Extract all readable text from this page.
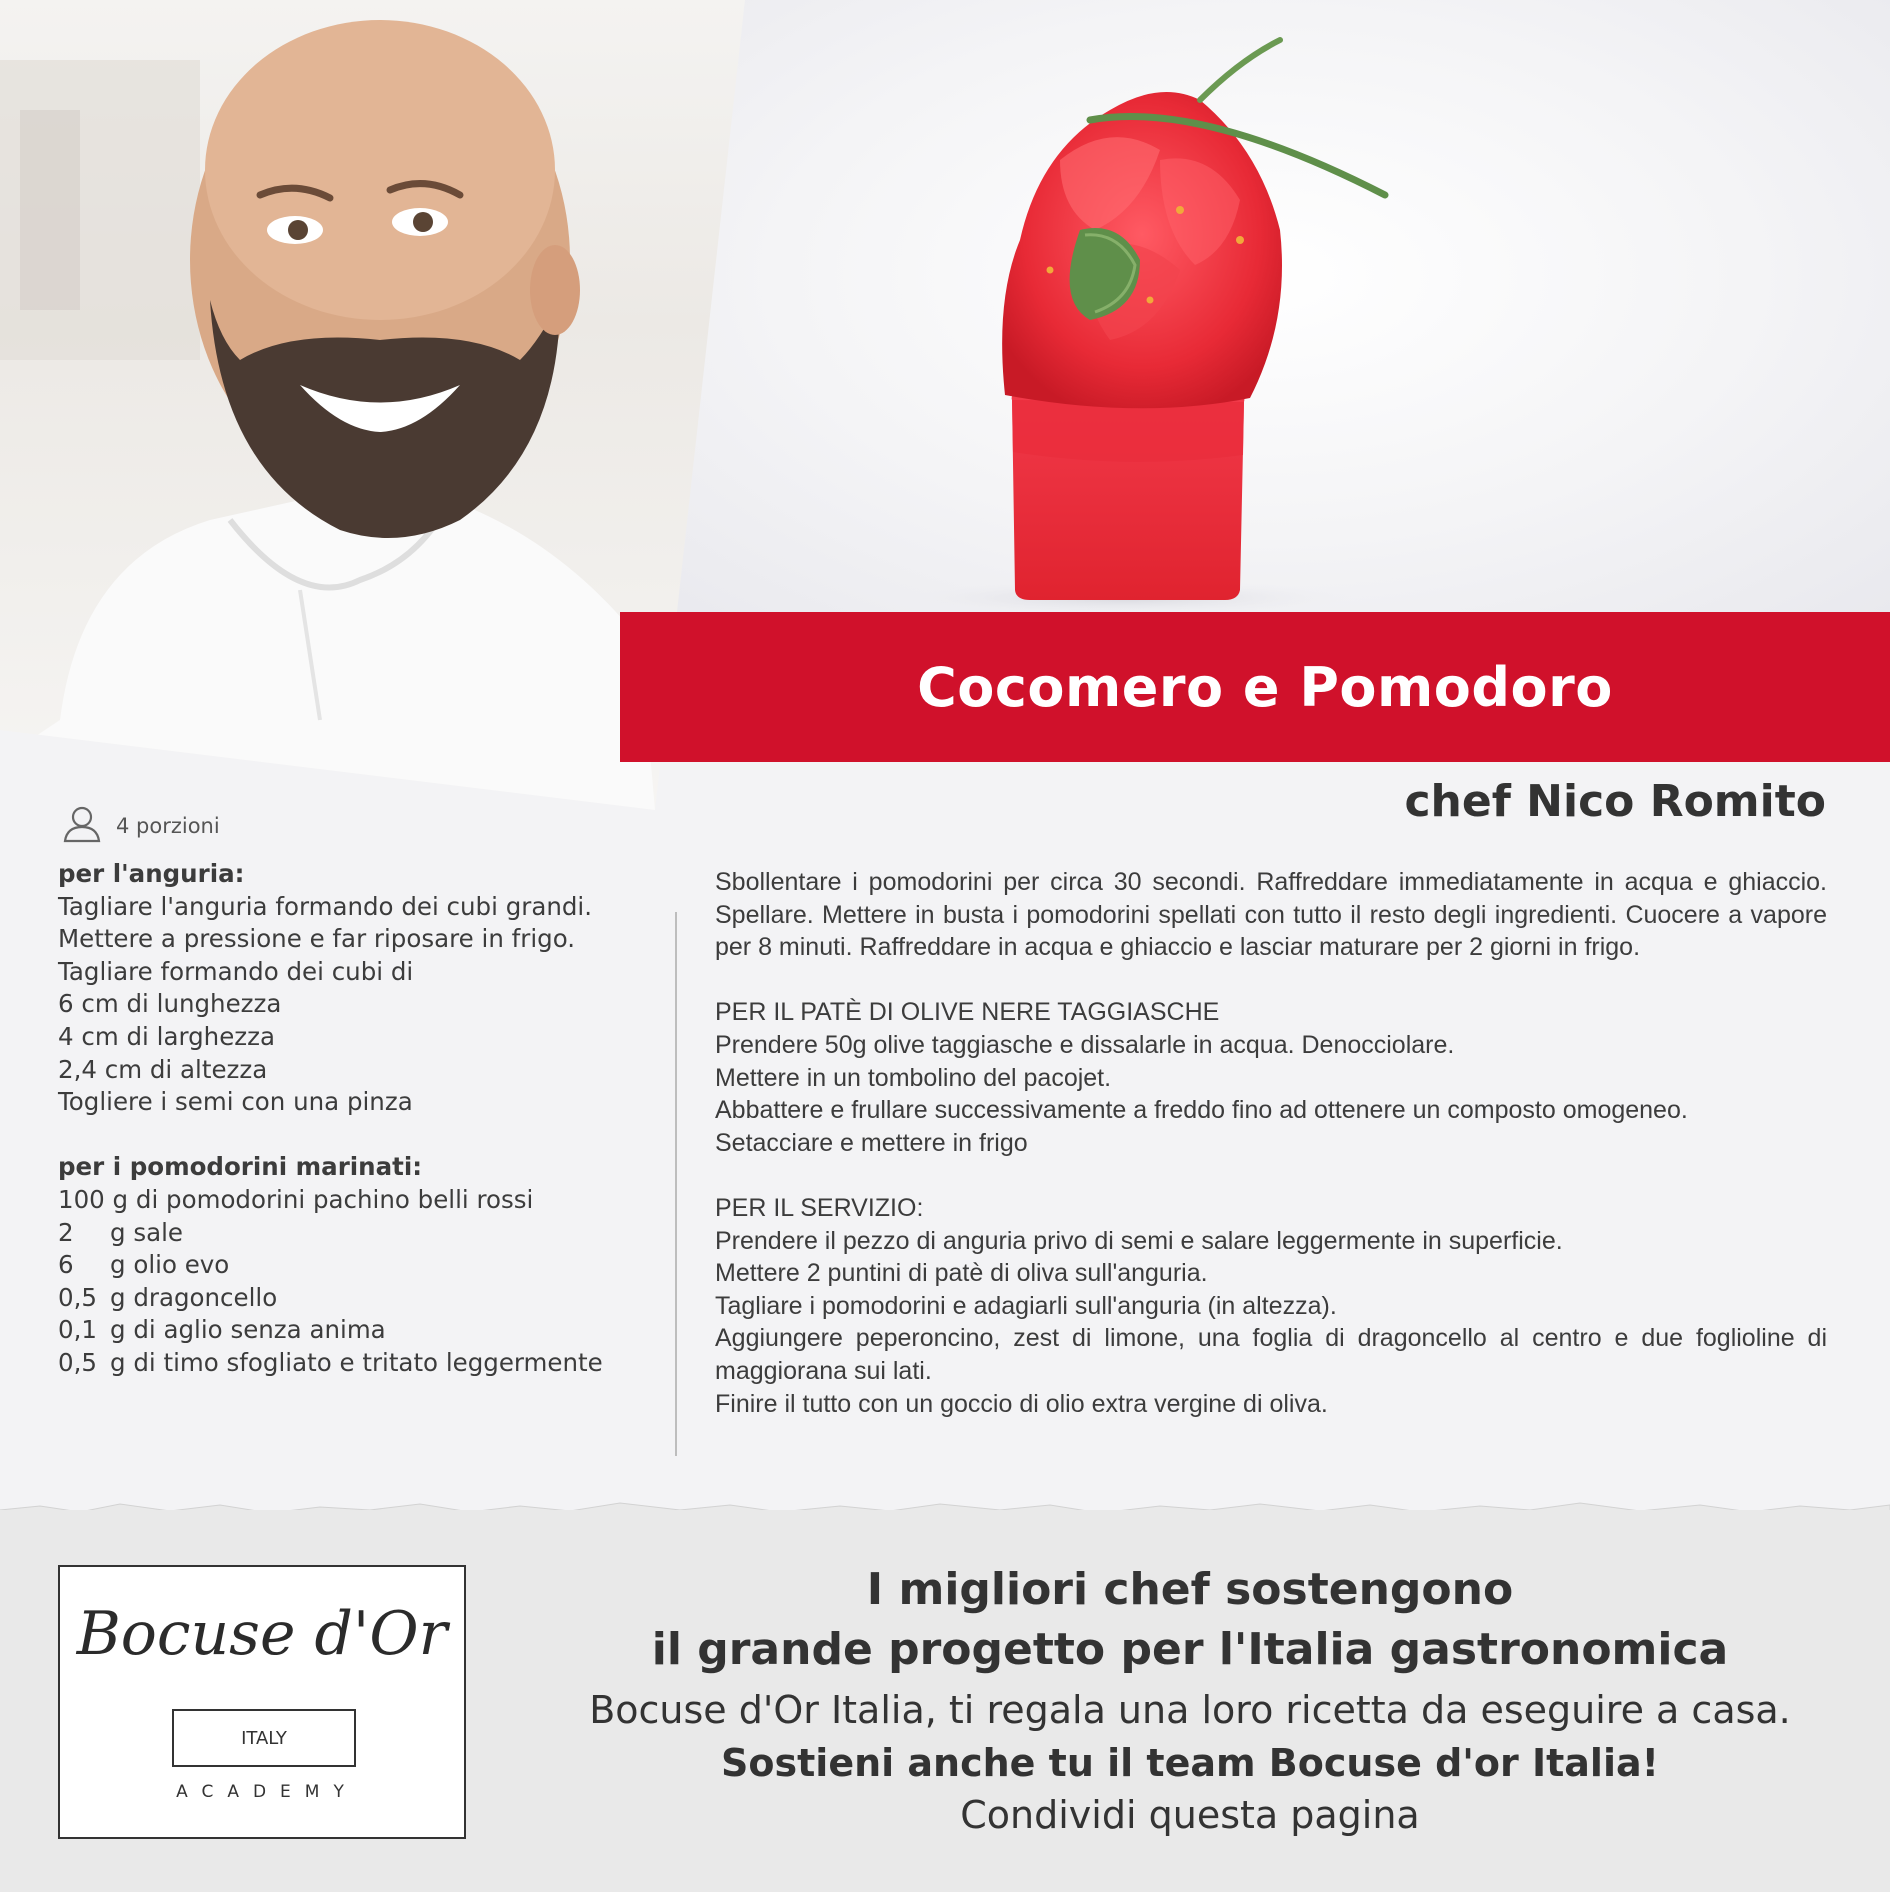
Cocomero e Pomodoro
chef Nico Romito
4 porzioni
per l'anguria:

Tagliare l'anguria formando dei cubi grandi.

Mettere a pressione e far riposare in frigo.

Tagliare formando dei cubi di

6 cm di lunghezza

4 cm di larghezza

2,4 cm di altezza

Togliere i semi con una pinza

per i pomodorini marinati:

100 g di pomodorini pachino belli rossi

2	g sale
6	g olio evo
0,5 g dragoncello
0,1 g di aglio senza anima
0,5 g di timo sfogliato e tritato leggermente

Sbollentare i pomodorini per circa 30 secondi. Raffreddare immediatamente in acqua e ghiaccio. Spellare. Mettere in busta i pomodorini spellati con tutto il resto degli ingredienti. Cuocere a vapore per 8 minuti. Raffreddare in acqua e ghiaccio e lasciar maturare per 2 giorni in frigo.

PER IL PATÈ DI OLIVE NERE TAGGIASCHE

Prendere 50g olive taggiasche e dissalarle in acqua. Denocciolare.

Mettere in un tombolino del pacojet.

Abbattere e frullare successivamente a freddo fino ad ottenere un composto omogeneo.

Setacciare e mettere in frigo

PER IL SERVIZIO:

Prendere il pezzo di anguria privo di semi e salare leggermente in superficie.

Mettere 2 puntini di patè di oliva sull'anguria.

Tagliare i pomodorini e adagiarli sull'anguria (in altezza).

Aggiungere peperoncino, zest di limone, una foglia di dragoncello al centro e due foglioline di maggiorana sui lati.

Finire il tutto con un goccio di olio extra vergine di oliva.

Bocuse d'Or
ITALY
ACADEMY
I migliori chef sostengono
il grande progetto per l'Italia gastronomica
Bocuse d'Or Italia, ti regala una loro ricetta da eseguire a casa.
Sostieni anche tu il team Bocuse d'or Italia!
Condividi questa pagina
